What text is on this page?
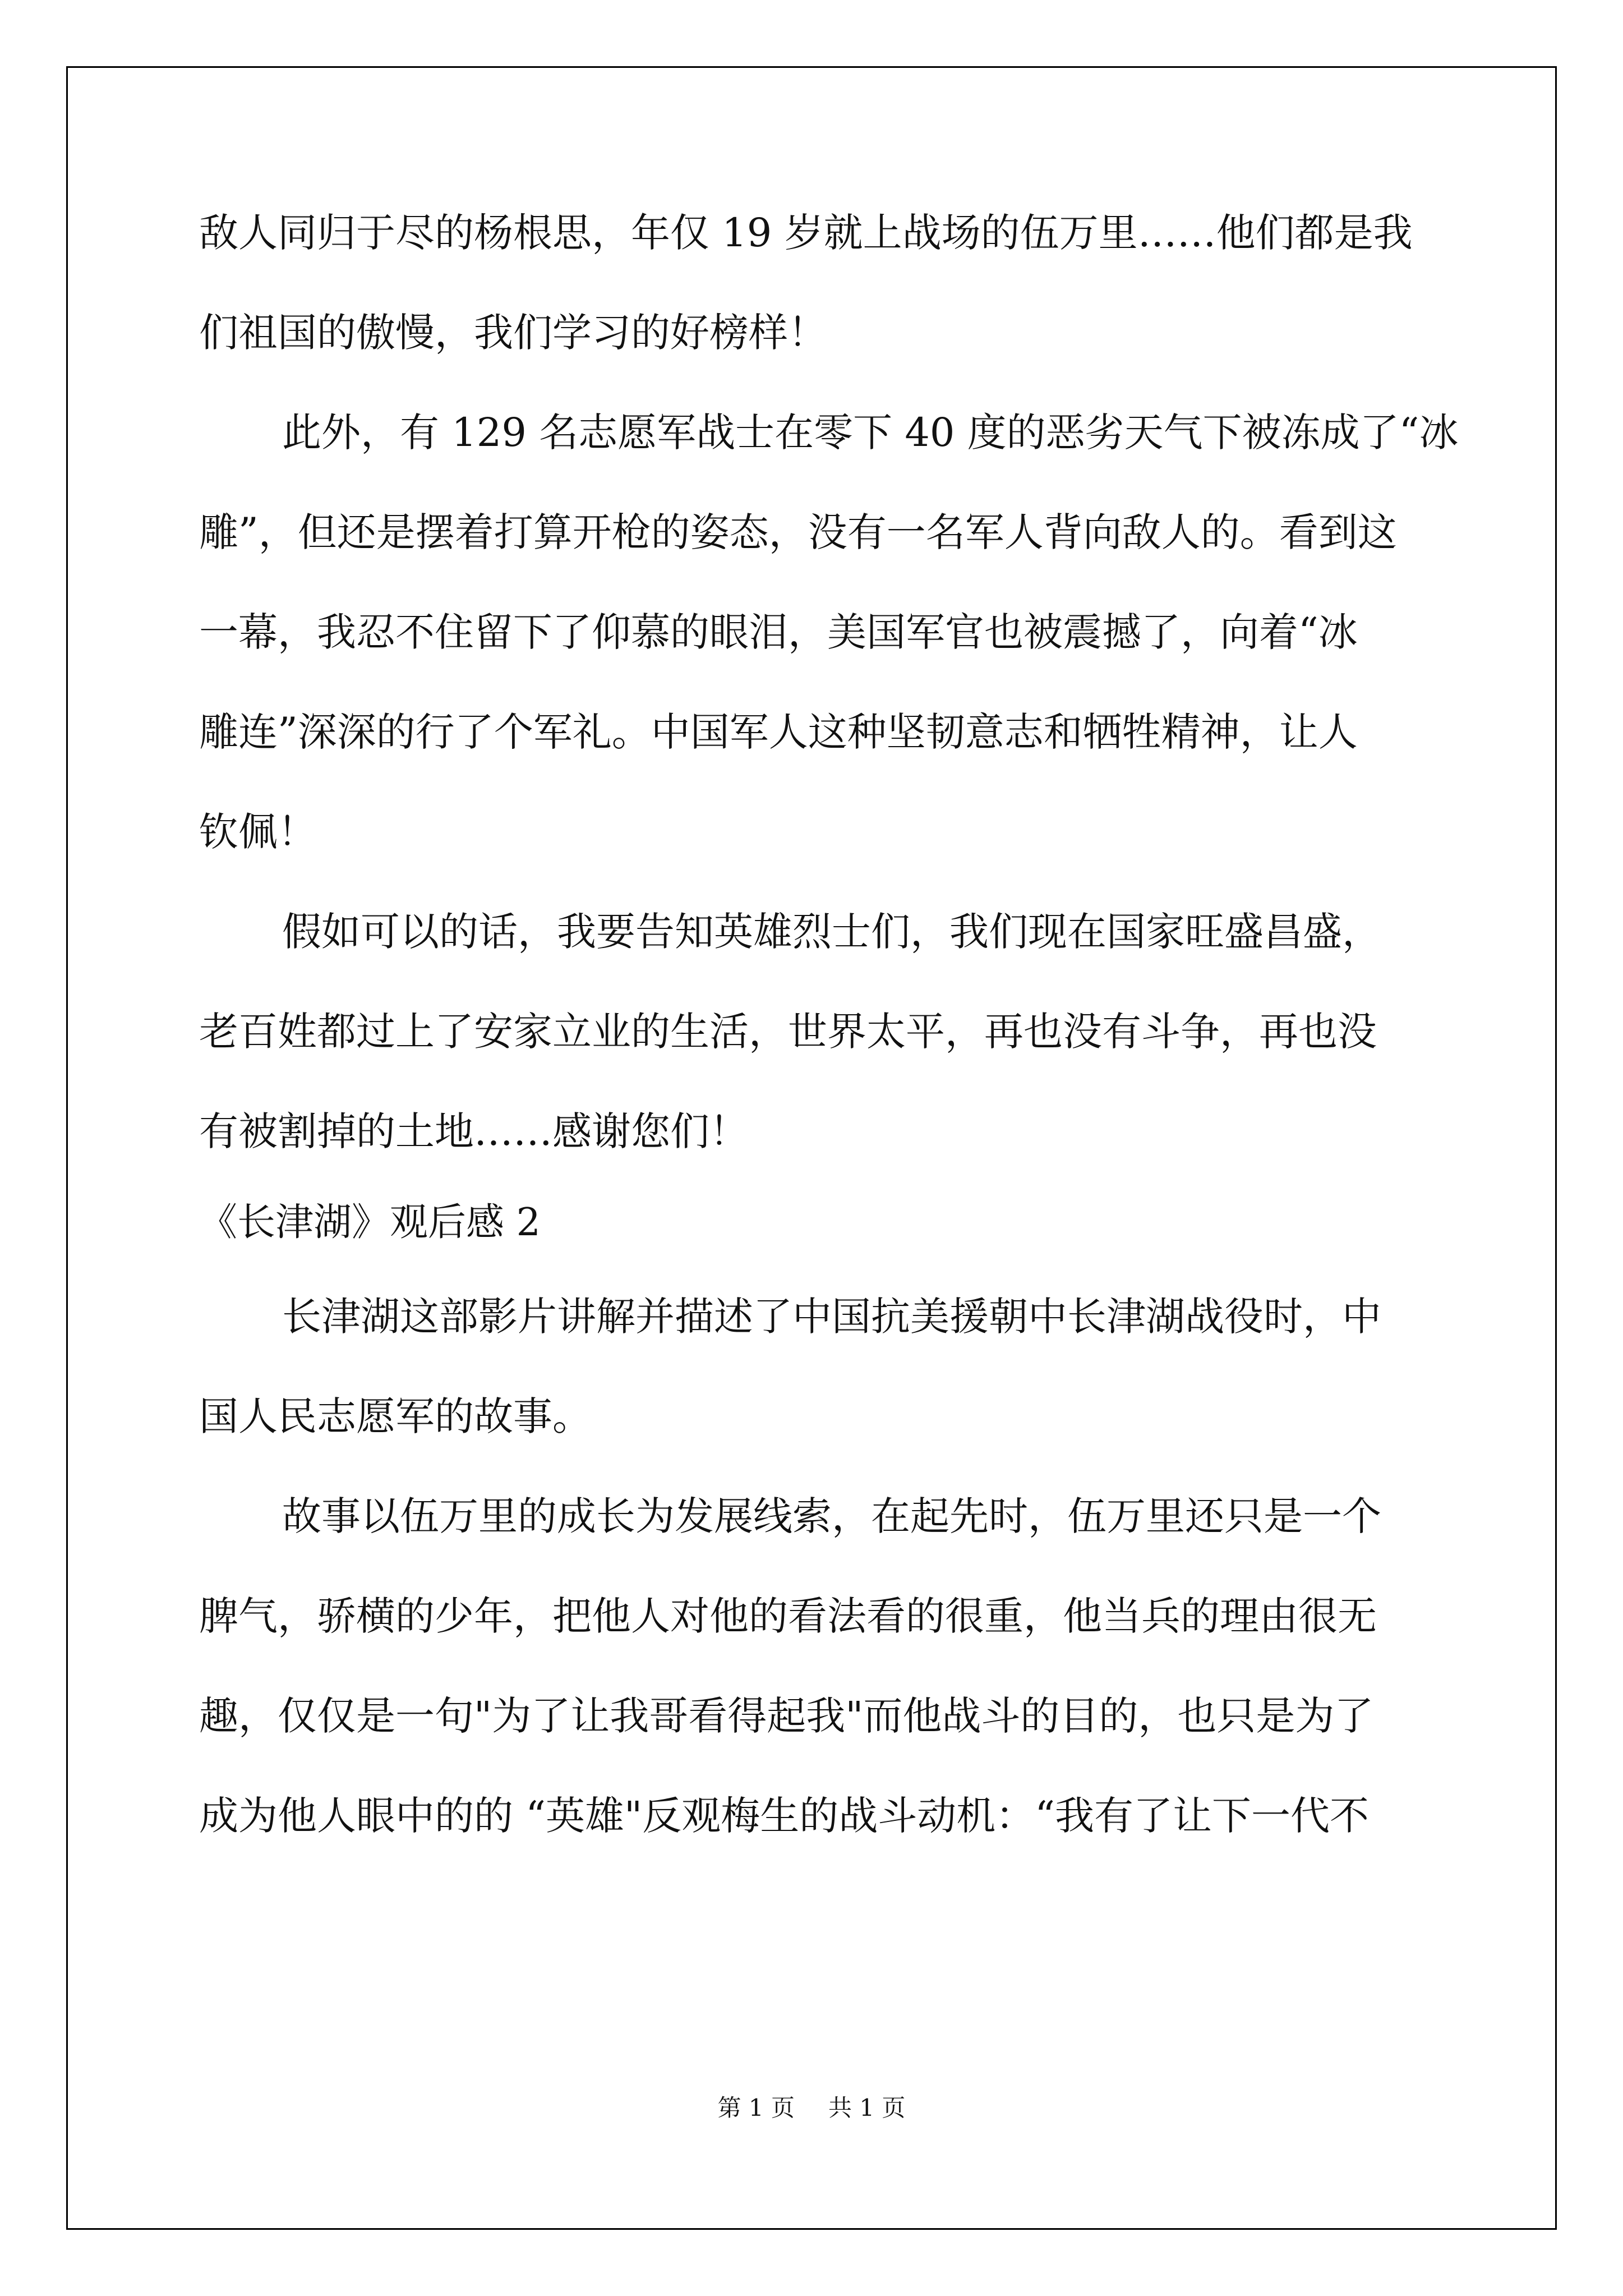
敌人同归于尽的杨根思，年仅 19 岁就上战场的伍万里……他们都是我
们祖国的傲慢，我们学习的好榜样！
此外，有 129 名志愿军战士在零下 40 度的恶劣天气下被冻成了“冰
雕”，但还是摆着打算开枪的姿态，没有一名军人背向敌人的。看到这
一幕，我忍不住留下了仰慕的眼泪，美国军官也被震撼了，向着“冰
雕连”深深的行了个军礼。中国军人这种坚韧意志和牺牲精神，让人
钦佩！
假如可以的话，我要告知英雄烈士们，我们现在国家旺盛昌盛，
老百姓都过上了安家立业的生活，世界太平，再也没有斗争，再也没
有被割掉的土地……感谢您们！
《长津湖》观后感 2
长津湖这部影片讲解并描述了中国抗美援朝中长津湖战役时，中
国人民志愿军的故事。
故事以伍万里的成长为发展线索，在起先时，伍万里还只是一个
脾气，骄横的少年，把他人对他的看法看的很重，他当兵的理由很无
趣，仅仅是一句"为了让我哥看得起我"而他战斗的目的，也只是为了
成为他人眼中的的 “英雄"反观梅生的战斗动机：“我有了让下一代不
第 1 页 共 1 页
